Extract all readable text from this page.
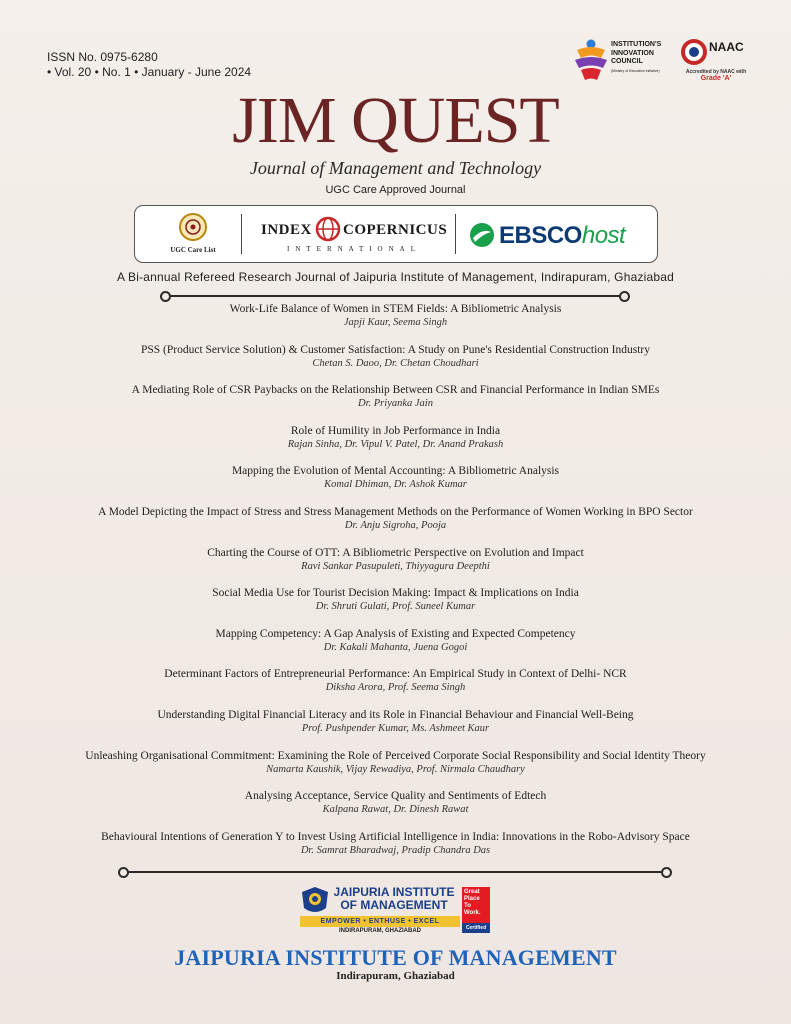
ISSN No. 0975-6280
• Vol. 20 • No. 1 • January - June 2024
INSTITUTION'S
INNOVATION
COUNCIL
(Ministry of Education Initiative)
NAAC
Accredited by NAAC with
Grade 'A'
JIM QUEST
Journal of Management and Technology
UGC Care Approved Journal
UGC Care List
INDEX COPERNICUS
INTERNATIONAL	EBSCOhost
A Bi-annual Refereed Research Journal of Jaipuria Institute of Management, Indirapuram, Ghaziabad
Work-Life Balance of Women in STEM Fields: A Bibliometric Analysis
Japji Kaur, Seema Singh
PSS (Product Service Solution) & Customer Satisfaction: A Study on Pune's Residential Construction Industry
Chetan S. Daoo, Dr. Chetan Choudhari
A Mediating Role of CSR Paybacks on the Relationship Between CSR and Financial Performance in Indian SMEs
Dr. Priyanka Jain
Role of Humility in Job Performance in India
Rajan Sinha, Dr. Vipul V. Patel, Dr. Anand Prakash
Mapping the Evolution of Mental Accounting: A Bibliometric Analysis
Komal Dhiman, Dr. Ashok Kumar
A Model Depicting the Impact of Stress and Stress Management Methods on the Performance of Women Working in BPO Sector
Dr. Anju Sigroha, Pooja
Charting the Course of OTT: A Bibliometric Perspective on Evolution and Impact
Ravi Sankar Pasupuleti, Thiyyagura Deepthi
Social Media Use for Tourist Decision Making: Impact & Implications on India
Dr. Shruti Gulati, Prof. Suneel Kumar
Mapping Competency: A Gap Analysis of Existing and Expected Competency
Dr. Kakali Mahanta, Juena Gogoi
Determinant Factors of Entrepreneurial Performance: An Empirical Study in Context of Delhi- NCR
Diksha Arora, Prof. Seema Singh
Understanding Digital Financial Literacy and its Role in Financial Behaviour and Financial Well-Being
Prof. Pushpender Kumar, Ms. Ashmeet Kaur
Unleashing Organisational Commitment: Examining the Role of Perceived Corporate Social Responsibility and Social Identity Theory
Namarta Kaushik, Vijay Rewadiya, Prof. Nirmala Chaudhary
Analysing Acceptance, Service Quality and Sentiments of Edtech
Kalpana Rawat, Dr. Dinesh Rawat
Behavioural Intentions of Generation Y to Invest Using Artificial Intelligence in India: Innovations in the Robo-Advisory Space
Dr. Samrat Bharadwaj, Pradip Chandra Das
JAIPURIA INSTITUTE
OF MANAGEMENT
EMPOWER • ENTHUSE • EXCEL
INDIRAPURAM, GHAZIABAD
Great
Place
To
Work.
Certified
JAIPURIA INSTITUTE OF MANAGEMENT
Indirapuram, Ghaziabad
